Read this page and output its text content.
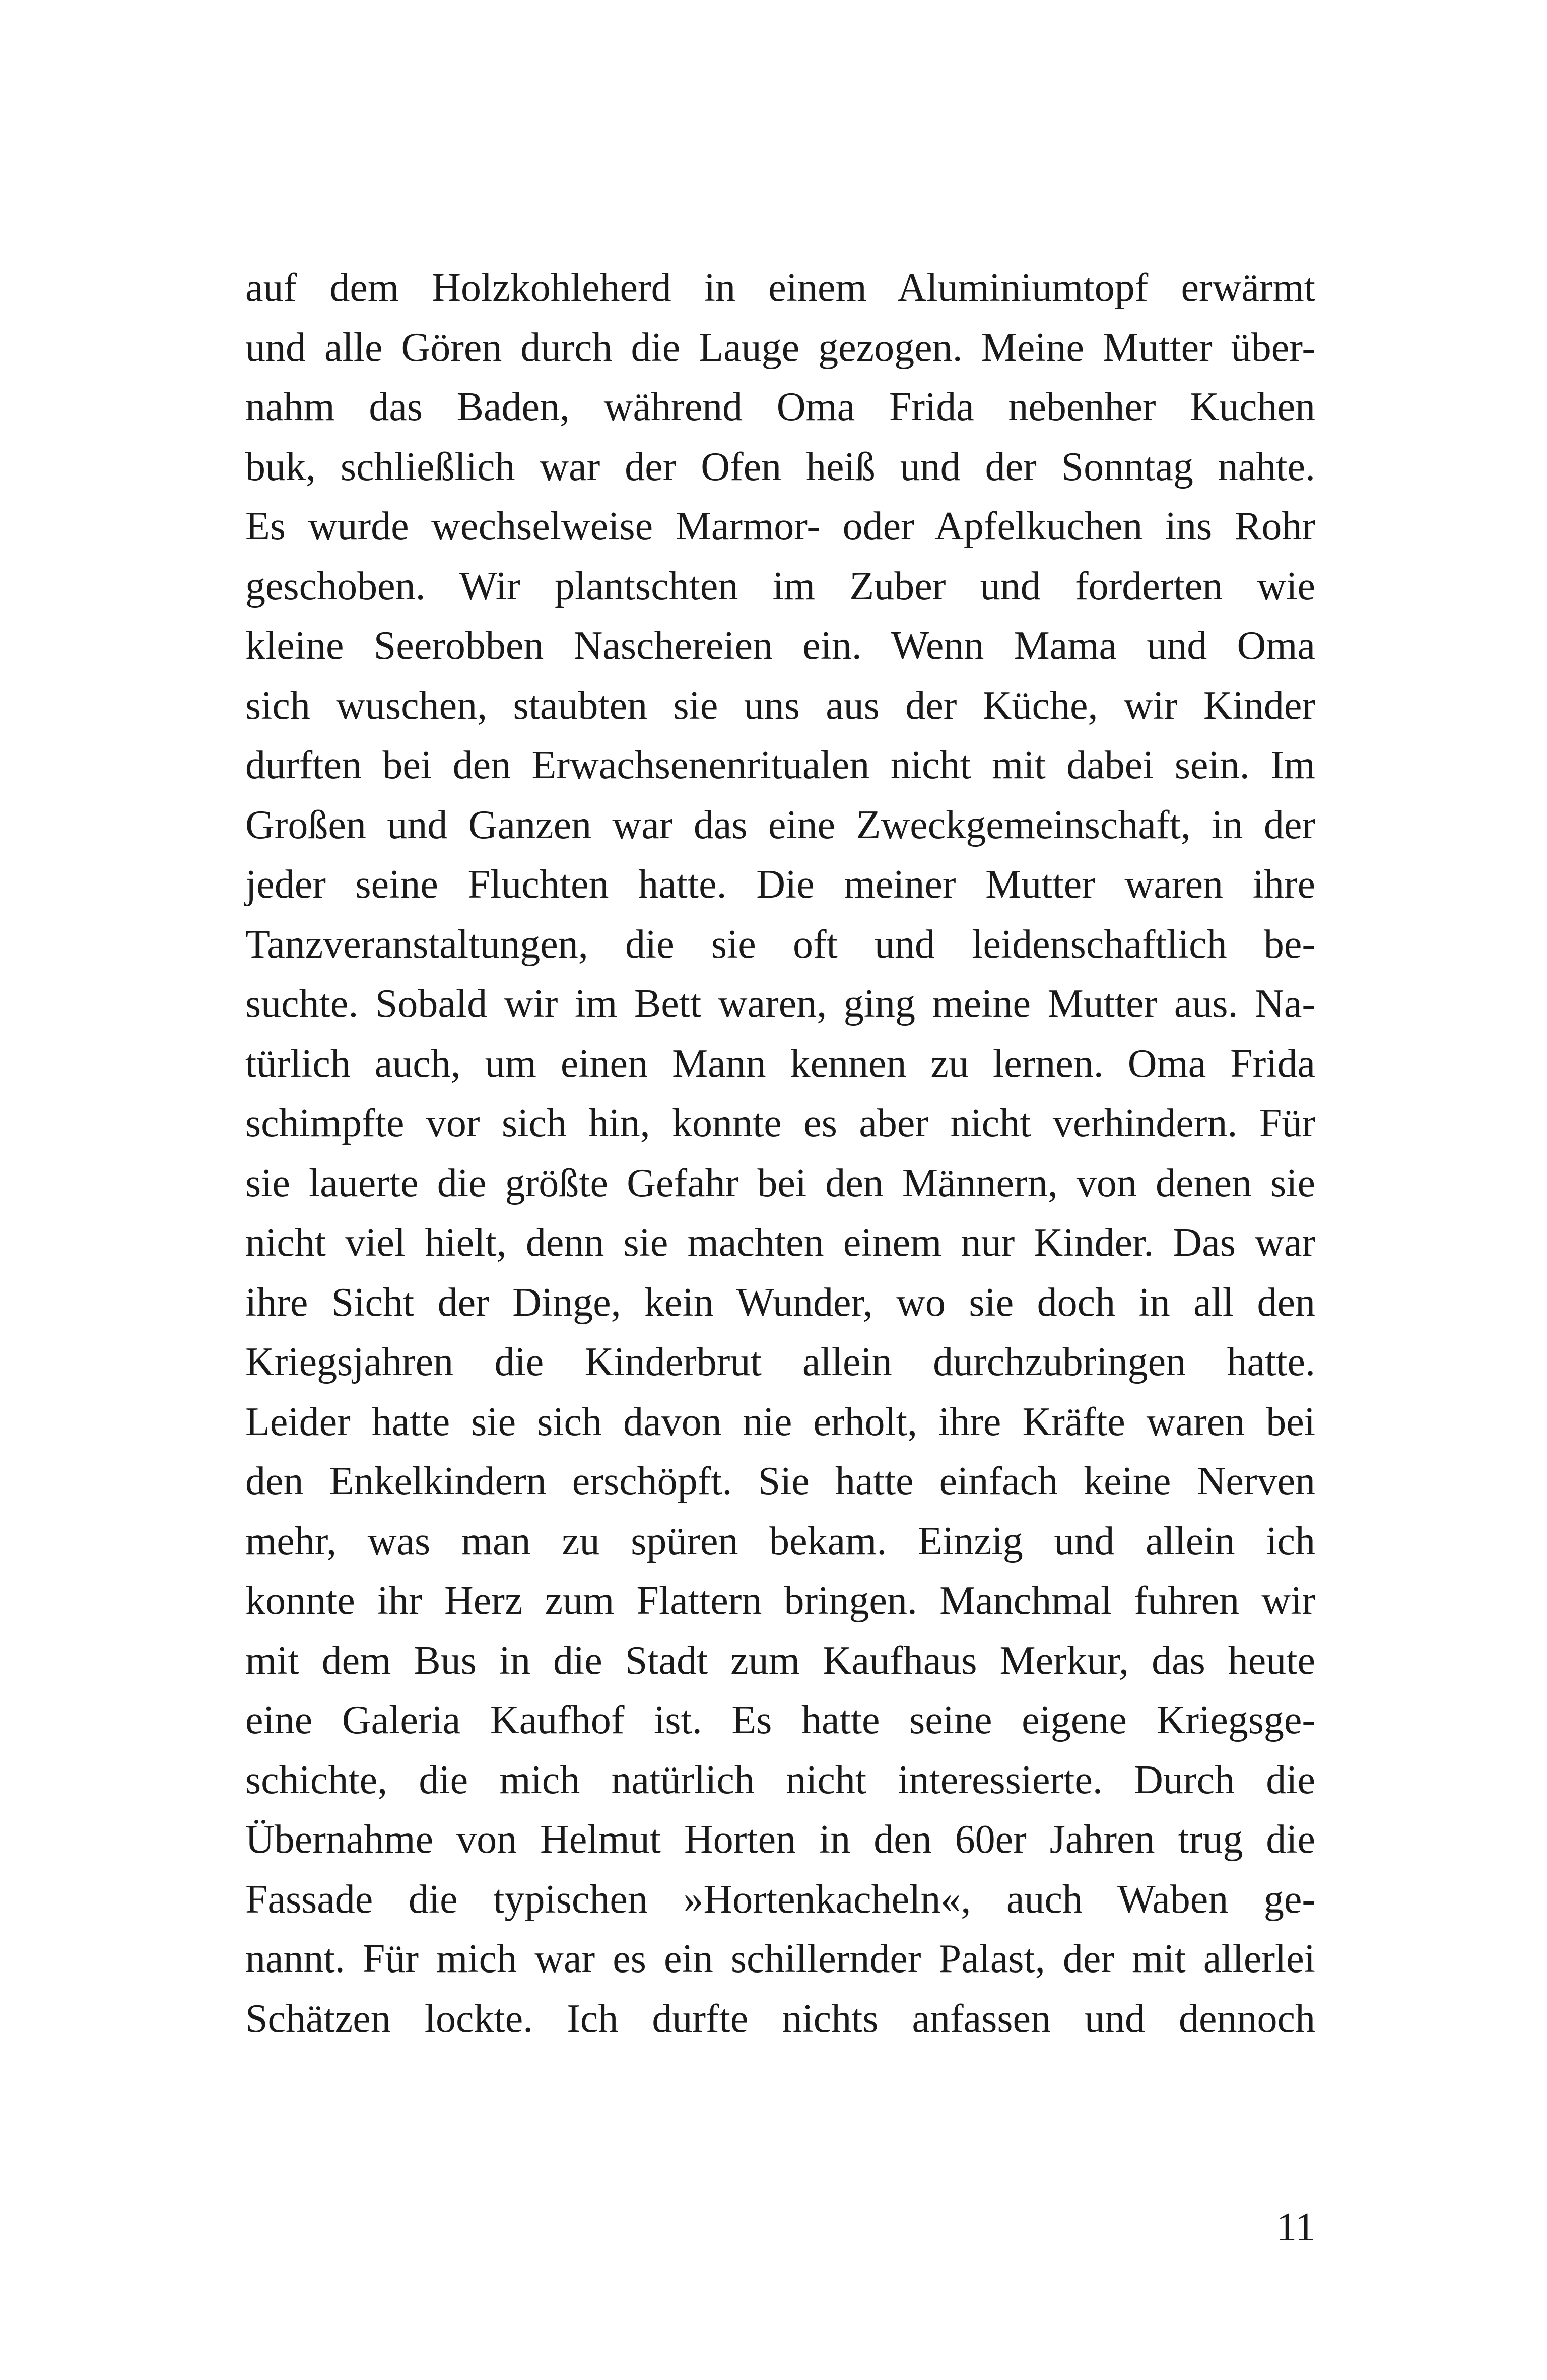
auf dem Holzkohleherd in einem Aluminiumtopf erwärmt
und alle Gören durch die Lauge gezogen. Meine Mutter über-
nahm das Baden, während Oma Frida nebenher Kuchen
buk, schließlich war der Ofen heiß und der Sonntag nahte.
Es wurde wechselweise Marmor- oder Apfelkuchen ins Rohr
geschoben. Wir plantschten im Zuber und forderten wie
kleine Seerobben Naschereien ein. Wenn Mama und Oma
sich wuschen, staubten sie uns aus der Küche, wir Kinder
durften bei den Erwachsenenritualen nicht mit dabei sein. Im
Großen und Ganzen war das eine Zweckgemeinschaft, in der
jeder seine Fluchten hatte. Die meiner Mutter waren ihre
Tanzveranstaltungen, die sie oft und leidenschaftlich be-
suchte. Sobald wir im Bett waren, ging meine Mutter aus. Na-
türlich auch, um einen Mann kennen zu lernen. Oma Frida
schimpfte vor sich hin, konnte es aber nicht verhindern. Für
sie lauerte die größte Gefahr bei den Männern, von denen sie
nicht viel hielt, denn sie machten einem nur Kinder. Das war
ihre Sicht der Dinge, kein Wunder, wo sie doch in all den
Kriegsjahren die Kinderbrut allein durchzubringen hatte.
Leider hatte sie sich davon nie erholt, ihre Kräfte waren bei
den Enkelkindern erschöpft. Sie hatte einfach keine Nerven
mehr, was man zu spüren bekam. Einzig und allein ich
konnte ihr Herz zum Flattern bringen. Manchmal fuhren wir
mit dem Bus in die Stadt zum Kaufhaus Merkur, das heute
eine Galeria Kaufhof ist. Es hatte seine eigene Kriegsge-
schichte, die mich natürlich nicht interessierte. Durch die
Übernahme von Helmut Horten in den 60er Jahren trug die
Fassade die typischen »Hortenkacheln«, auch Waben ge-
nannt. Für mich war es ein schillernder Palast, der mit allerlei
Schätzen lockte. Ich durfte nichts anfassen und dennoch
11
